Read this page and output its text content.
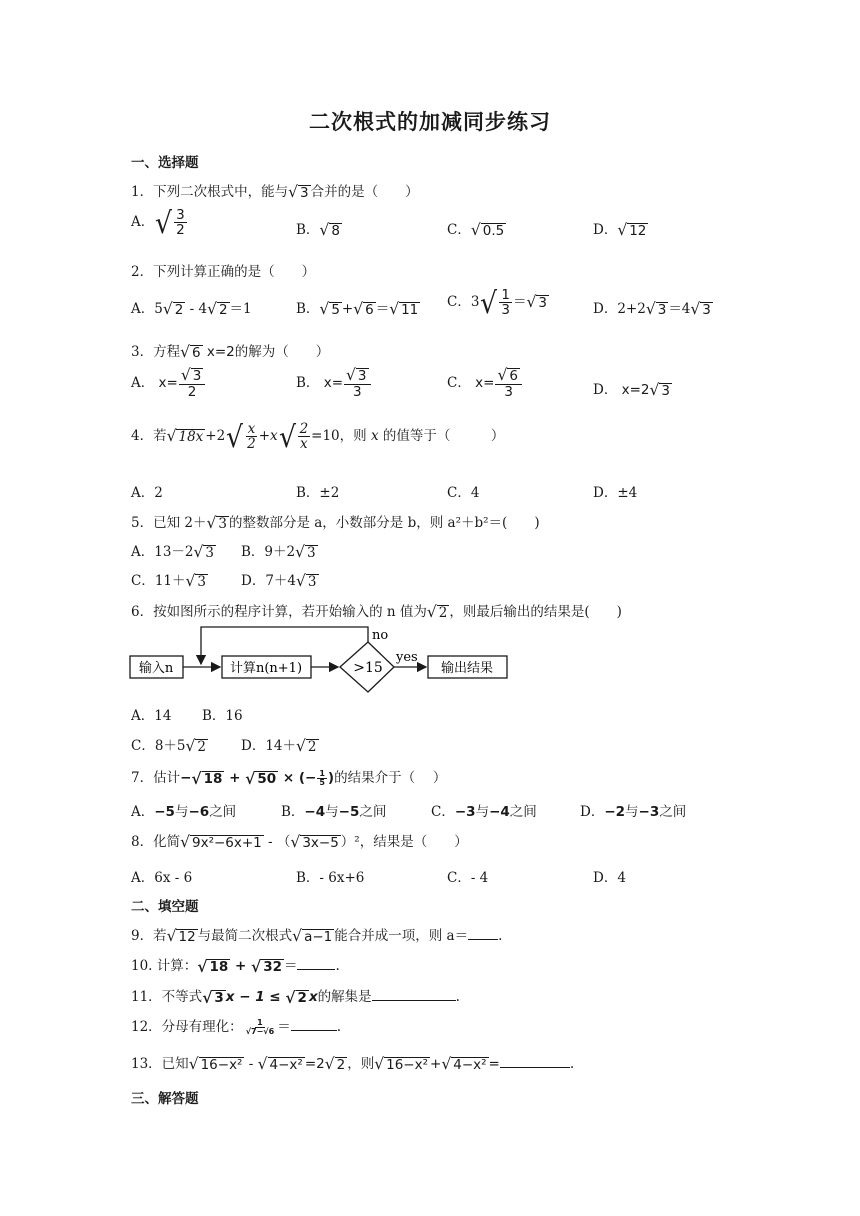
二次根式的加减同步练习
一、选择题
1．下列二次根式中，能与 √ 3 合并的是（　　）
A． √ $\frac{3}{2}$	B． √ 8	C． √ 0.5	D． √ 12
2．下列计算正确的是（　　）
A．5 √ 2 - 4 √ 2 ＝1	B． √ 5 + √ 6 ＝ √ 11 C．3 √ $\frac{1}{3}$ ＝ √ 3	D．2+2 √ 3 ＝4 √ 3
3．方程 √ 6 x=2的解为（　　）
A． $x= \frac{√ 3}{2}$	B． $x= \frac{√ 3}{3}$	C． $x= \frac{√ 6}{3}$	D． x=2 √ 3
4．若 √ 18x +2 √ $\frac{x}{2} +x$ √ $\frac{2}{x} =10$，则 x 的值等于（　　　）
A．2	B．±2	C．4	D．±4
5．已知 2＋ √ 3 的整数部分是 a，小数部分是 b，则 a²＋b²＝(　　)
A．13－2 √ 3 B．9＋2 √ 3
C．11＋ √ 3	D．7＋4 √ 3
6．按如图所示的程序计算，若开始输入的 n 值为 √ 2 ，则最后输出的结果是(　　)
输入n	计算n(n+1)	>15
no
yes
输出结果
A．14 B．16
C．8＋5 √ 2	D．14＋ √ 2
7．估计− √ 18 + √ 50 × (− $\frac{1}{5}$ )的结果介于（　 ）
A．−5与−6之间	B．−4与−5之间	C．−3与−4之间	D．−2与−3之间
8．化简 √ 9x²−6x+1 - （ √ 3x−5 ）²，结果是（　　）
A．6x - 6	B．- 6x+6	C．- 4	D．4
二、填空题
9．若 √ 12 与最简二次根式 √ a−1 能合并成一项，则 a＝ .
10. 计算： √ 18 + √ 32 ＝	.
11．不等式 √ 3 x − 1 ≤ √ 2 x的解集是	.
12．分母有理化： $\frac{1}{√7-√6}$ ＝	.
13．已知 √ 16−x² - √ 4−x² =2 √ 2 ，则 √ 16−x² + √ 4−x² =	.
三、解答题
